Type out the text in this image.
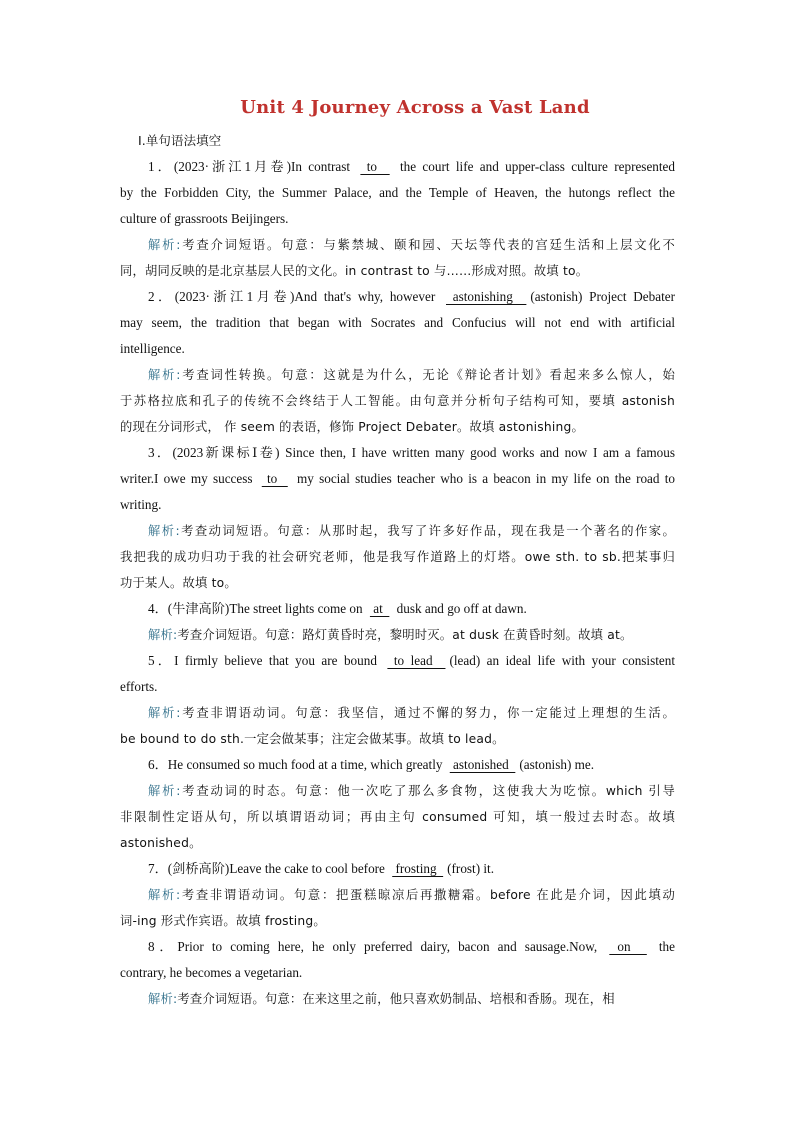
Unit 4 Journey Across a Vast Land
Ⅰ.单句语法填空
1．(2023·浙江1月卷)In contrast  to   the court life and upper-class culture represented
by the Forbidden City, the Summer Palace, and the Temple of Heaven, the hutongs reflect the
culture of grassroots Beijingers.
解析:考查介词短语。句意：与紫禁城、颐和园、天坛等代表的宫廷生活和上层文化不
同，胡同反映的是北京基层人民的文化。in contrast to 与……形成对照。故填 to。
2．(2023·浙江1月卷)And that's why, however  astonishing  (astonish) Project Debater
may seem, the tradition that began with Socrates and Confucius will not end with artificial
intelligence.
解析:考查词性转换。句意：这就是为什么，无论《辩论者计划》看起来多么惊人，始
于苏格拉底和孔子的传统不会终结于人工智能。由句意并分析句子结构可知，要填 astonish
的现在分词形式， 作 seem 的表语，修饰 Project Debater。故填 astonishing。
3．(2023新课标Ⅰ卷) Since then, I have written many good works and now I am a famous
writer.I owe my success  to   my social studies teacher who is a beacon in my life on the road to
writing.
解析:考查动词短语。句意：从那时起，我写了许多好作品，现在我是一个著名的作家。
我把我的成功归功于我的社会研究老师，他是我写作道路上的灯塔。owe sth. to sb.把某事归
功于某人。故填 to。
4．(牛津高阶)The street lights come on  at   dusk and go off at dawn.
解析:考查介词短语。句意：路灯黄昏时亮，黎明时灭。at dusk 在黄昏时刻。故填 at。
5．I firmly believe that you are bound  to lead  (lead) an ideal life with your consistent
efforts.
解析:考查非谓语动词。句意：我坚信，通过不懈的努力，你一定能过上理想的生活。
be bound to do sth.一定会做某事；注定会做某事。故填 to lead。
6．He consumed so much food at a time, which greatly  astonished  (astonish) me.
解析:考查动词的时态。句意：他一次吃了那么多食物，这使我大为吃惊。which 引导
非限制性定语从句，所以填谓语动词；再由主句 consumed 可知，填一般过去时态。故填
astonished。
7．(剑桥高阶)Leave the cake to cool before  frosting  (frost) it.
解析:考查非谓语动词。句意：把蛋糕晾凉后再撒糖霜。before 在此是介词，因此填动
词-ing 形式作宾语。故填 frosting。
8．Prior to coming here, he only preferred dairy, bacon and sausage.Now,  on   the
contrary, he becomes a vegetarian.
解析:考查介词短语。句意：在来这里之前，他只喜欢奶制品、培根和香肠。现在，相
